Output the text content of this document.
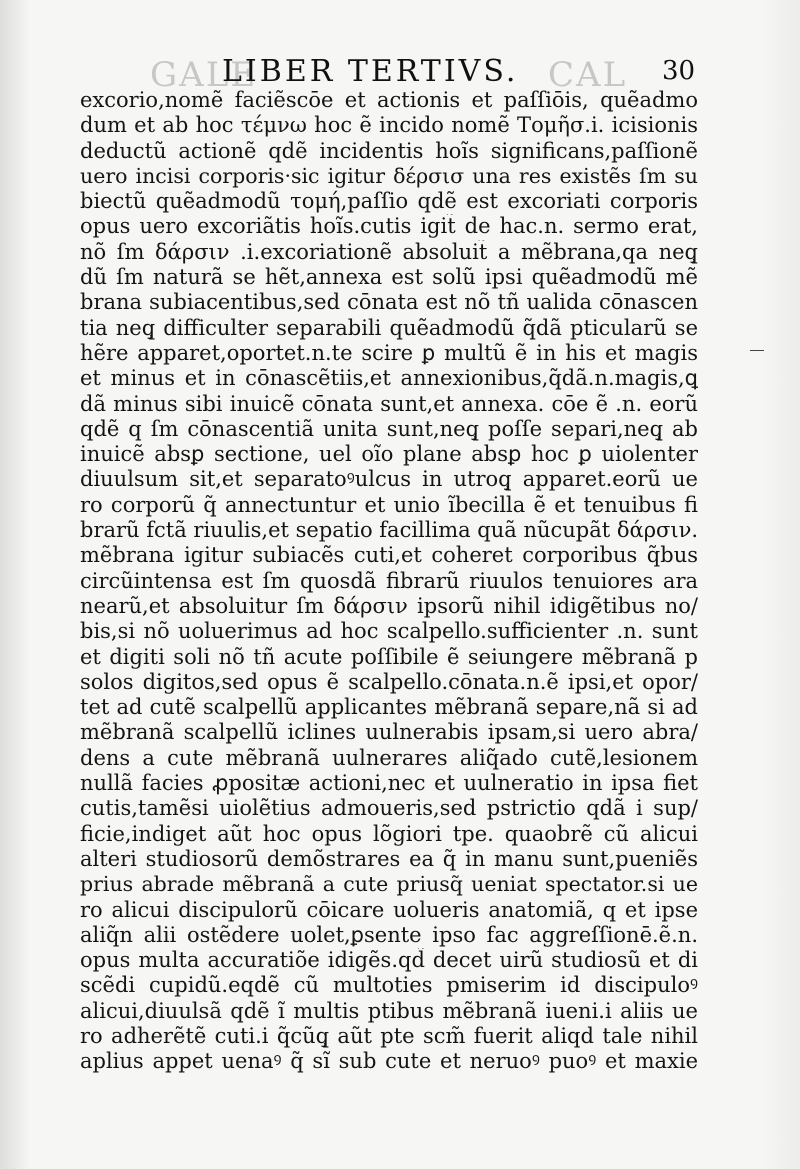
GALE	CAL
LIBER TERTIVS.	30
excorio,nomẽ faciẽscōe et actionis et paſſiōis, quẽadmo
dum et ab hoc τέμνω hoc ẽ incido nomẽ Τομῆσ.i. icisionis
deductũ actionẽ qdẽ incidentis hoĩs significans,paſſionẽ
uero incisi corporis·sic igitur δέρσισ una res existẽs ſm su
biectũ quẽadmodũ τομή,paſſio qdẽ est excoriati corporis
opus uero excoriãtis hoĩs.cutis igit̃ de hac.n. sermo erat,
nõ ſm δάρσιν .i.excoriationẽ absoluit̃ a mẽbrana,qa neq̧
dũ ſm naturã se hẽt,annexa est solũ ipsi quẽadmodũ mẽ
brana subiacentibus,sed cōnata est nõ tñ ualida cōnascen
tia neq̧ difficulter separabili quẽadmodũ q̃dã pticularũ se
hẽre apparet,oportet.n.te scire ꝑ multũ ẽ in his et magis
et minus et in cōnascẽtiis,et annexionibus,q̃dã.n.magis,ꝗ
dã minus sibi inuicẽ cōnata sunt,et annexa. cōe ẽ .n. eorũ
qdẽ q ſm cōnascentiã unita sunt,neq̧ poſſe separi,neq̧ ab
inuicẽ absꝑ sectione, uel oĩo plane absꝑ hoc ꝑ uiolenter
diuulsum sit,et separatoꝰulcus in utroq̧ apparet.eorũ ue
ro corporũ q̃ annectuntur et unio ĩbecilla ẽ et tenuibus fi
brarũ fctã riuulis,et sepatio facillima quã nũcupãt δάρσιν.
mẽbrana igitur subiacẽs cuti,et coheret corporibus q̃bus
circũintensa est ſm quosdã fibrarũ riuulos tenuiores ara
nearũ,et absoluitur ſm δάρσιν ipsorũ nihil idigẽtibus no/
bis,si nõ uoluerimus ad hoc scalpello.sufficienter .n. sunt
et digiti soli nõ tñ acute poſſibile ẽ seiungere mẽbranã p
solos digitos,sed opus ẽ scalpello.cōnata.n.ẽ ipsi,et opor/
tet ad cutẽ scalpellũ applicantes mẽbranã separe,nã si ad
mẽbranã scalpellũ iclines uulnerabis ipsam,si uero abra/
dens a cute mẽbranã uulnerares aliq̃ado cutẽ,lesionem
nullã facies ꝓpositæ actioni,nec et uulneratio in ipsa fiet
cutis,tamẽsi uiolẽtius admoueris,sed pstrictio qdã i sup/
ficie,indiget aũt hoc opus lõgiori tpe. quaobrẽ cũ alicui
alteri studiosorũ demõstrares ea q̃ in manu sunt,pueniẽs
prius abrade mẽbranã a cute priusq̃ ueniat spectator.si ue
ro alicui discipulorũ cōicare uolueris anatomiã, q et ipse
aliq̃n alii ostẽdere uolet,ꝑsente ipso fac aggreſſionē.ẽ.n.
opus multa accuratiõe idigẽs.qd̃ decet uirũ studiosũ et di
scẽdi cupidũ.eqdẽ cũ multoties pmiserim id discipuloꝰ
alicui,diuulsã qdẽ ĩ multis ptibus mẽbranã iueni.i aliis ue
ro adherẽtẽ cuti.i q̃cũq̧ aũt pte scm̃ fuerit aliqd tale nihil
aplius appet uenaꝰ q̃ sĩ sub cute et neruoꝰ puoꝰ et maxie
